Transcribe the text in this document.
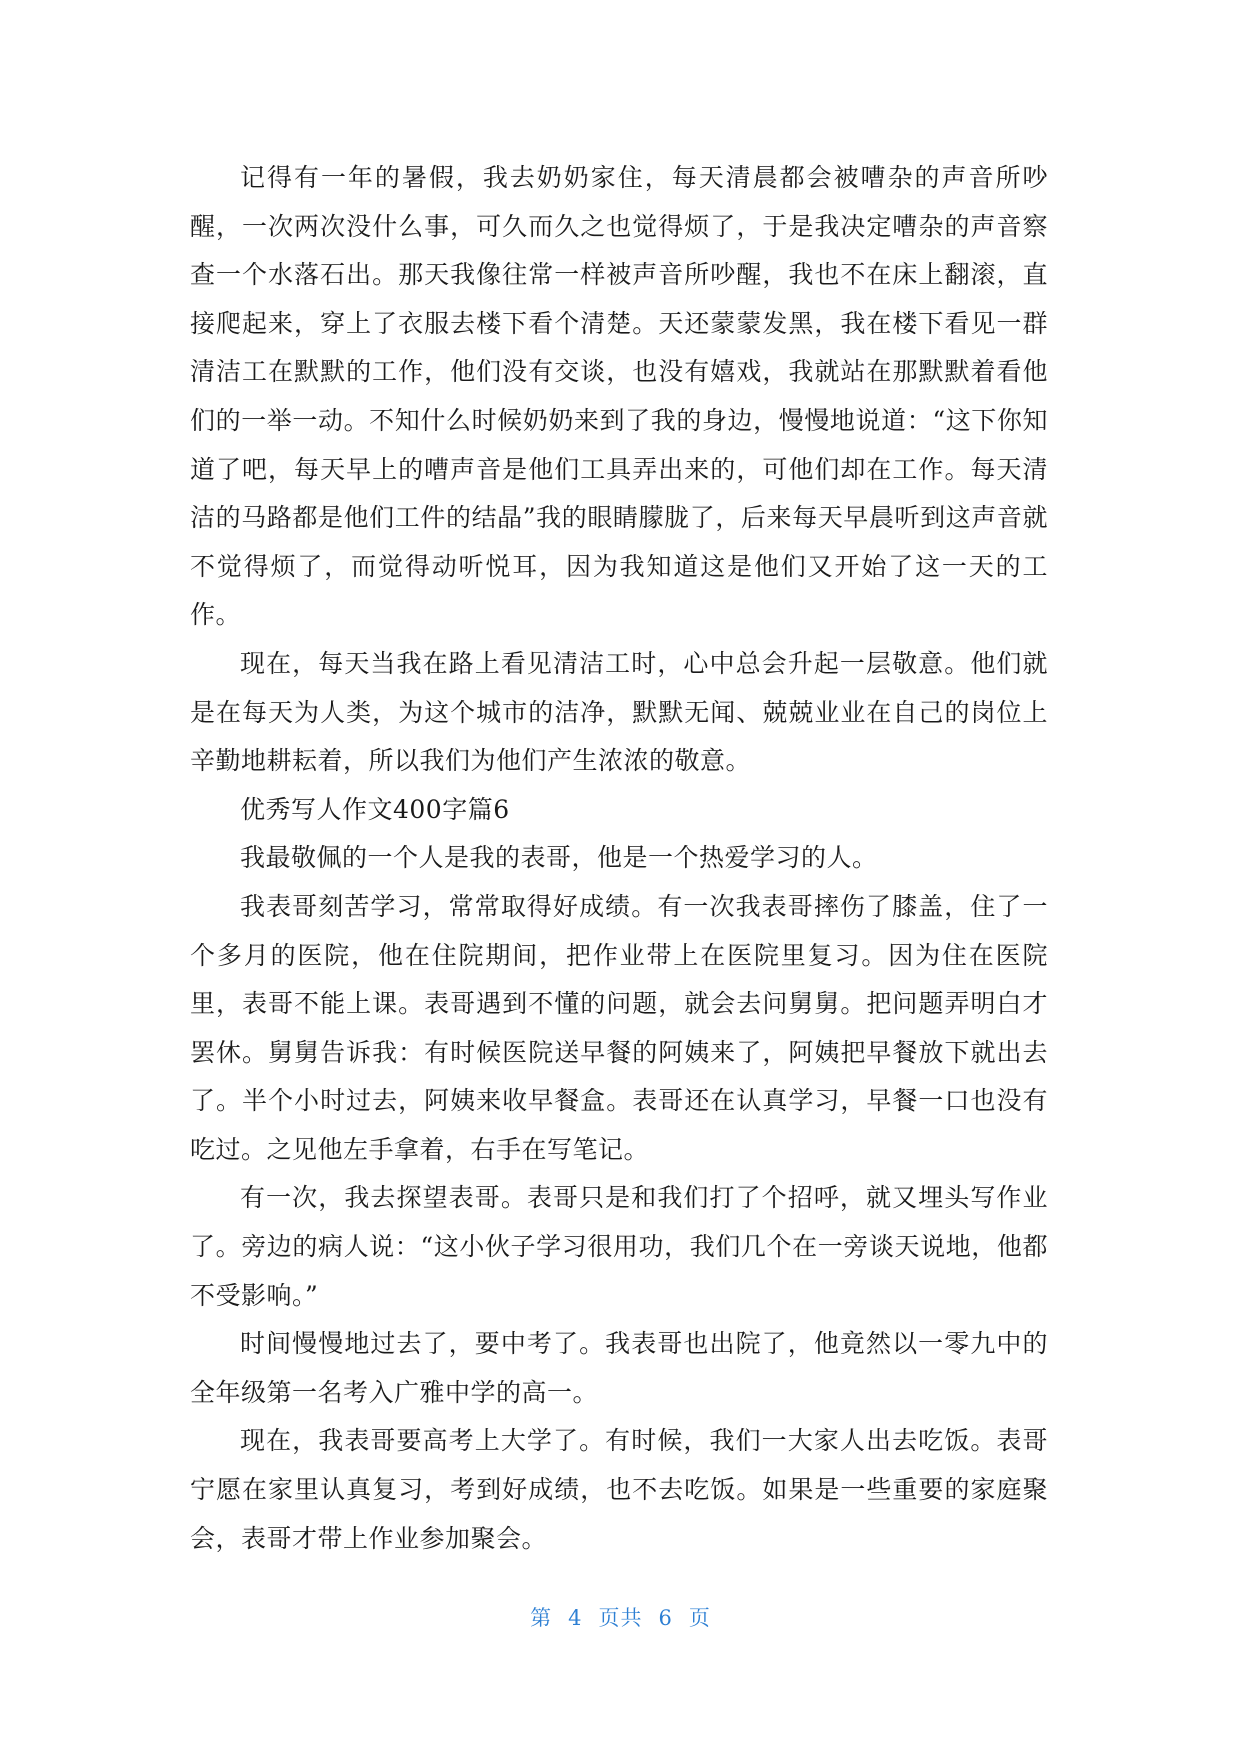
记得有一年的暑假，我去奶奶家住，每天清晨都会被嘈杂的声音所吵醒，一次两次没什么事，可久而久之也觉得烦了，于是我决定嘈杂的声音察查一个水落石出。那天我像往常一样被声音所吵醒，我也不在床上翻滚，直接爬起来，穿上了衣服去楼下看个清楚。天还蒙蒙发黑，我在楼下看见一群清洁工在默默的工作，他们没有交谈，也没有嬉戏，我就站在那默默着看他们的一举一动。不知什么时候奶奶来到了我的身边，慢慢地说道：“这下你知道了吧，每天早上的嘈声音是他们工具弄出来的，可他们却在工作。每天清洁的马路都是他们工件的结晶”我的眼睛朦胧了，后来每天早晨听到这声音就不觉得烦了，而觉得动听悦耳，因为我知道这是他们又开始了这一天的工作。

现在，每天当我在路上看见清洁工时，心中总会升起一层敬意。他们就是在每天为人类，为这个城市的洁净，默默无闻、兢兢业业在自己的岗位上辛勤地耕耘着，所以我们为他们产生浓浓的敬意。

优秀写人作文400字篇6

我最敬佩的一个人是我的表哥，他是一个热爱学习的人。

我表哥刻苦学习，常常取得好成绩。有一次我表哥摔伤了膝盖，住了一个多月的医院，他在住院期间，把作业带上在医院里复习。因为住在医院里，表哥不能上课。表哥遇到不懂的问题，就会去问舅舅。把问题弄明白才罢休。舅舅告诉我：有时候医院送早餐的阿姨来了，阿姨把早餐放下就出去了。半个小时过去，阿姨来收早餐盒。表哥还在认真学习，早餐一口也没有吃过。之见他左手拿着，右手在写笔记。

有一次，我去探望表哥。表哥只是和我们打了个招呼，就又埋头写作业了。旁边的病人说：“这小伙子学习很用功，我们几个在一旁谈天说地，他都不受影响。”

时间慢慢地过去了，要中考了。我表哥也出院了，他竟然以一零九中的全年级第一名考入广雅中学的高一。

现在，我表哥要高考上大学了。有时候，我们一大家人出去吃饭。表哥宁愿在家里认真复习，考到好成绩，也不去吃饭。如果是一些重要的家庭聚会，表哥才带上作业参加聚会。

第 4 页共 6 页
